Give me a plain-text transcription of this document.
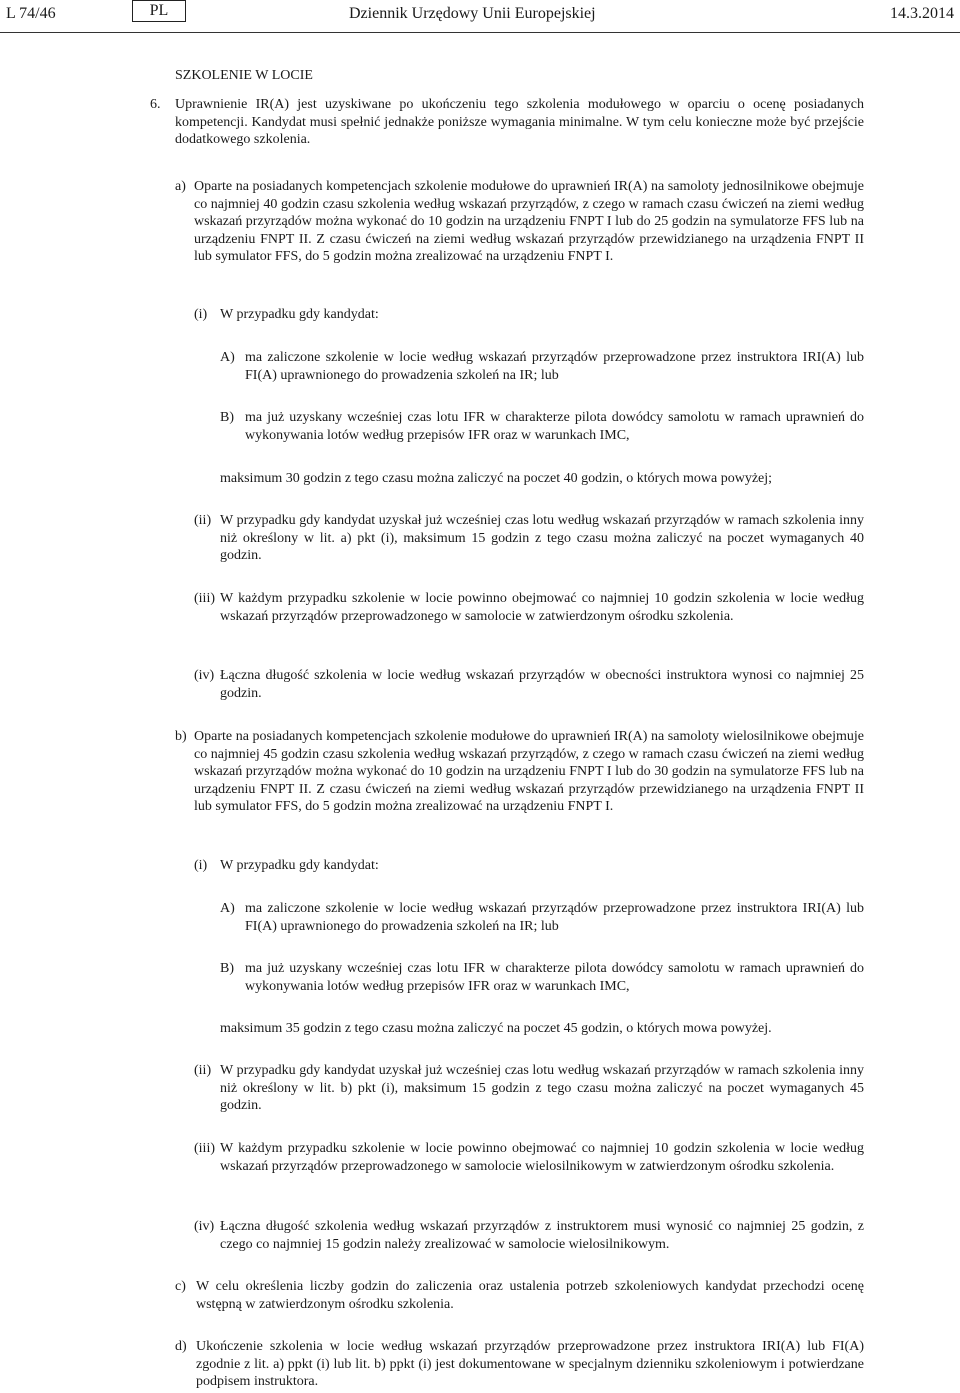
L 74/46	PL	Dziennik Urzędowy Unii Europejskiej	14.3.2014
SZKOLENIE W LOCIE
6. Uprawnienie IR(A) jest uzyskiwane po ukończeniu tego szkolenia modułowego w oparciu o ocenę posiadanych kompetencji. Kandydat musi spełnić jednakże poniższe wymagania minimalne. W tym celu konieczne może być przejście dodatkowego szkolenia.
a) Oparte na posiadanych kompetencjach szkolenie modułowe do uprawnień IR(A) na samoloty jednosilnikowe obejmuje co najmniej 40 godzin czasu szkolenia według wskazań przyrządów, z czego w ramach czasu ćwiczeń na ziemi według wskazań przyrządów można wykonać do 10 godzin na urządzeniu FNPT I lub do 25 godzin na symulatorze FFS lub na urządzeniu FNPT II. Z czasu ćwiczeń na ziemi według wskazań przyrządów przewidzianego na urządzenia FNPT II lub symulator FFS, do 5 godzin można zrealizować na urządzeniu FNPT I.
(i) W przypadku gdy kandydat:
A) ma zaliczone szkolenie w locie według wskazań przyrządów przeprowadzone przez instruktora IRI(A) lub FI(A) uprawnionego do prowadzenia szkoleń na IR; lub
B) ma już uzyskany wcześniej czas lotu IFR w charakterze pilota dowódcy samolotu w ramach uprawnień do wykonywania lotów według przepisów IFR oraz w warunkach IMC,
maksimum 30 godzin z tego czasu można zaliczyć na poczet 40 godzin, o których mowa powyżej;
(ii) W przypadku gdy kandydat uzyskał już wcześniej czas lotu według wskazań przyrządów w ramach szkolenia inny niż określony w lit. a) pkt (i), maksimum 15 godzin z tego czasu można zaliczyć na poczet wymaganych 40 godzin.
(iii) W każdym przypadku szkolenie w locie powinno obejmować co najmniej 10 godzin szkolenia w locie według wskazań przyrządów przeprowadzonego w samolocie w zatwierdzonym ośrodku szkolenia.
(iv) Łączna długość szkolenia w locie według wskazań przyrządów w obecności instruktora wynosi co najmniej 25 godzin.
b) Oparte na posiadanych kompetencjach szkolenie modułowe do uprawnień IR(A) na samoloty wielosilnikowe obejmuje co najmniej 45 godzin czasu szkolenia według wskazań przyrządów, z czego w ramach czasu ćwiczeń na ziemi według wskazań przyrządów można wykonać do 10 godzin na urządzeniu FNPT I lub do 30 godzin na symulatorze FFS lub na urządzeniu FNPT II. Z czasu ćwiczeń na ziemi według wskazań przyrządów przewidzianego na urządzenia FNPT II lub symulator FFS, do 5 godzin można zrealizować na urządzeniu FNPT I.
(i) W przypadku gdy kandydat:
A) ma zaliczone szkolenie w locie według wskazań przyrządów przeprowadzone przez instruktora IRI(A) lub FI(A) uprawnionego do prowadzenia szkoleń na IR; lub
B) ma już uzyskany wcześniej czas lotu IFR w charakterze pilota dowódcy samolotu w ramach uprawnień do wykonywania lotów według przepisów IFR oraz w warunkach IMC,
maksimum 35 godzin z tego czasu można zaliczyć na poczet 45 godzin, o których mowa powyżej.
(ii) W przypadku gdy kandydat uzyskał już wcześniej czas lotu według wskazań przyrządów w ramach szkolenia inny niż określony w lit. b) pkt (i), maksimum 15 godzin z tego czasu można zaliczyć na poczet wymaganych 45 godzin.
(iii) W każdym przypadku szkolenie w locie powinno obejmować co najmniej 10 godzin szkolenia w locie według wskazań przyrządów przeprowadzonego w samolocie wielosilnikowym w zatwierdzonym ośrodku szkolenia.
(iv) Łączna długość szkolenia według wskazań przyrządów z instruktorem musi wynosić co najmniej 25 godzin, z czego co najmniej 15 godzin należy zrealizować w samolocie wielosilnikowym.
c) W celu określenia liczby godzin do zaliczenia oraz ustalenia potrzeb szkoleniowych kandydat przechodzi ocenę wstępną w zatwierdzonym ośrodku szkolenia.
d) Ukończenie szkolenia w locie według wskazań przyrządów przeprowadzone przez instruktora IRI(A) lub FI(A) zgodnie z lit. a) ppkt (i) lub lit. b) ppkt (i) jest dokumentowane w specjalnym dzienniku szkoleniowym i potwierdzane podpisem instruktora.
